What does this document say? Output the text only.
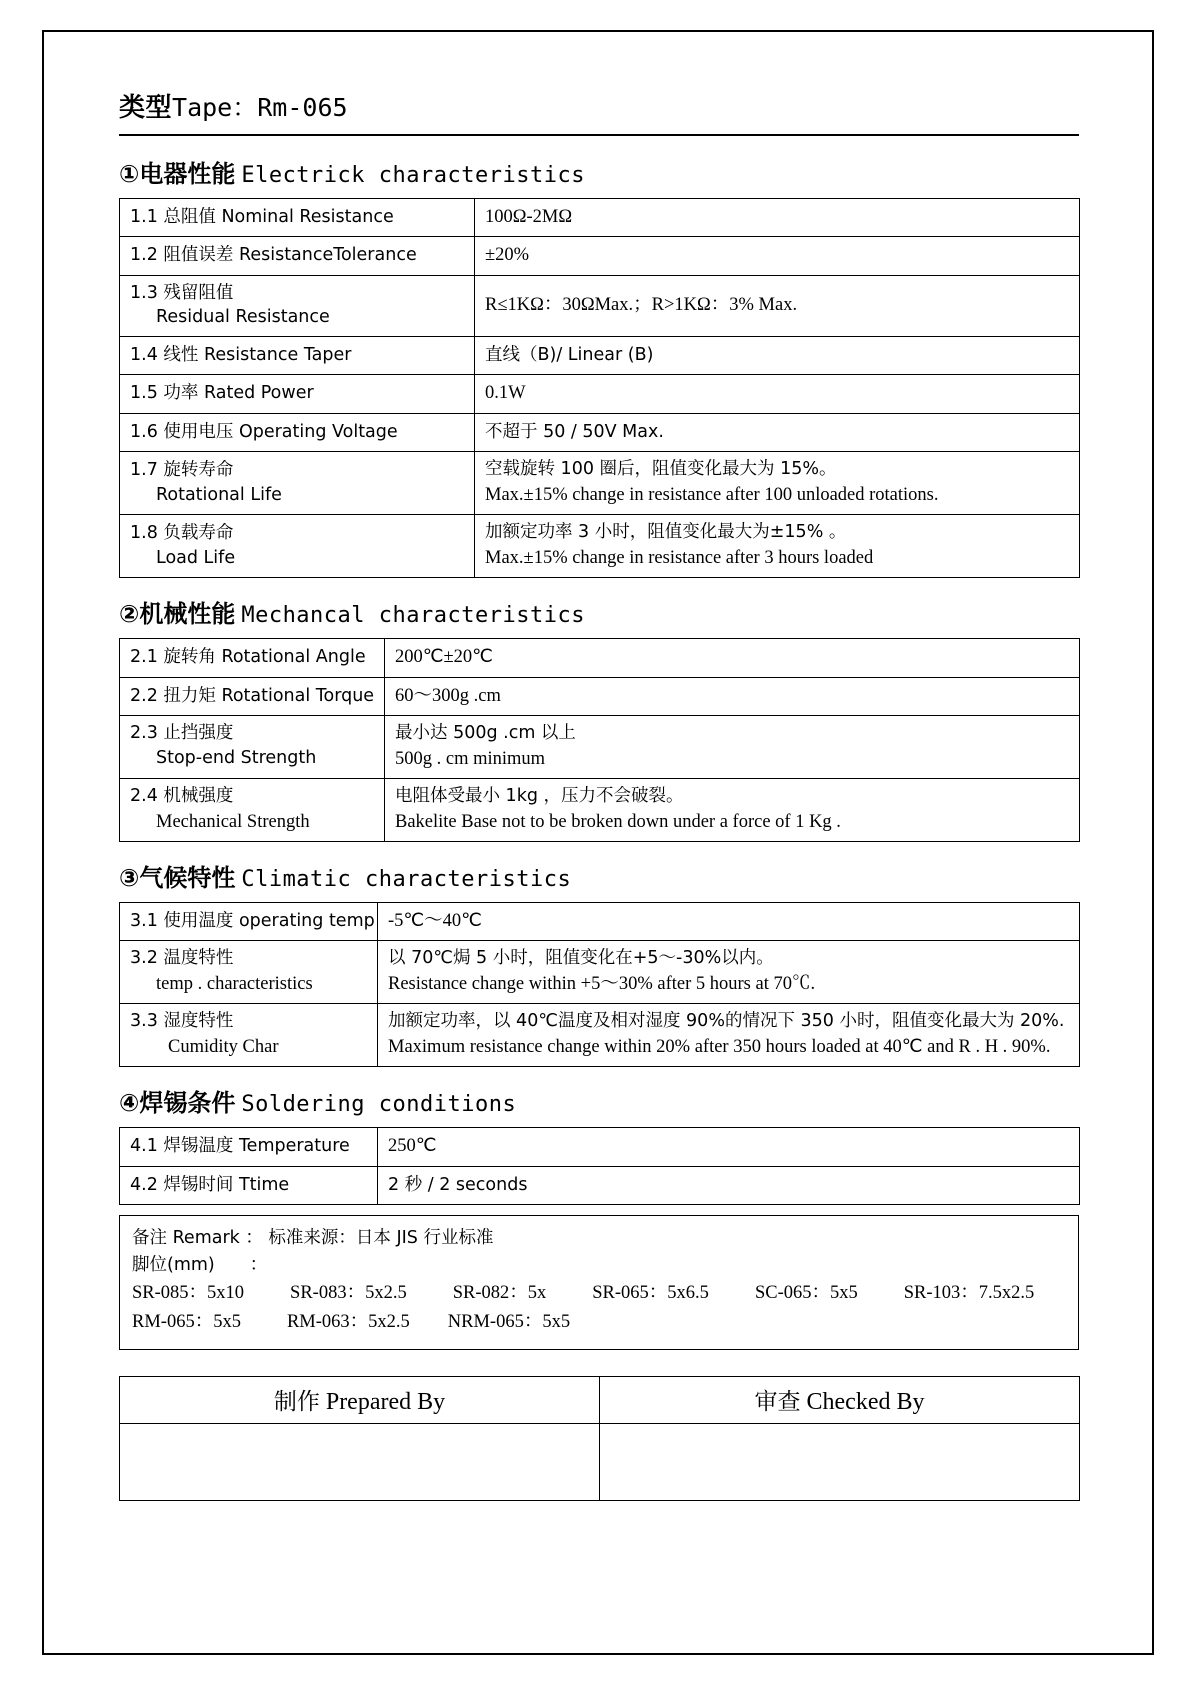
类型Tape：Rm-065
①电器性能 Electrick characteristics
1.1 总阻值 Nominal Resistance	100Ω-2MΩ
1.2 阻值误差 ResistanceTolerance	±20%

1.3 残留阻值
Residual Resistance	R≤1KΩ：30ΩMax.；R>1KΩ：3% Max.
1.4 线性 Resistance Taper	直线（B)/ Linear (B)
1.5 功率 Rated Power	0.1W
1.6 使用电压 Operating Voltage	不超于 50 / 50V Max.

1.7 旋转寿命
Rotational Life	空载旋转 100 圈后，阻值变化最大为 15%。
Max.±15% change in resistance after 100 unloaded rotations.

1.8 负载寿命
Load Life	加额定功率 3 小时，阻值变化最大为±15% 。
Max.±15% change in resistance after 3 hours loaded
②机械性能 Mechancal characteristics
2.1 旋转角 Rotational Angle	200℃±20℃
2.2 扭力矩 Rotational Torque	60～300g .cm

2.3 止挡强度
Stop-end Strength	最小达 500g .cm 以上
500g . cm minimum

2.4 机械强度
Mechanical Strength	电阻体受最小 1kg ，压力不会破裂。
Bakelite Base not to be broken down under a force of 1 Kg .
③气候特性 Climatic characteristics
3.1 使用温度 operating temp	-5℃～40℃

3.2 温度特性
temp . characteristics	以 70℃焗 5 小时，阻值变化在+5～-30%以内。
Resistance change within +5～30% after 5 hours at 70℃.

3.3 湿度特性
Cumidity Char	加额定功率，以 40℃温度及相对湿度 90%的情况下 350 小时，阻值变化最大为 20%.
Maximum resistance change within 20% after 350 hours loaded at 40℃ and R . H . 90%.
④焊锡条件 Soldering conditions
4.1 焊锡温度 Temperature	250℃
4.2 焊锡时间 Ttime	2 秒 / 2 seconds
备注 Remark ： 标准来源：日本 JIS 行业标准
脚位(mm)　　：
SR-085：5x10 SR-083：5x2.5 SR-082：5x SR-065：5x6.5 SC-065：5x5 SR-103：7.5x2.5
RM-065：5x5 RM-063：5x2.5 NRM-065：5x5
制作 Prepared By	审查 Checked By
